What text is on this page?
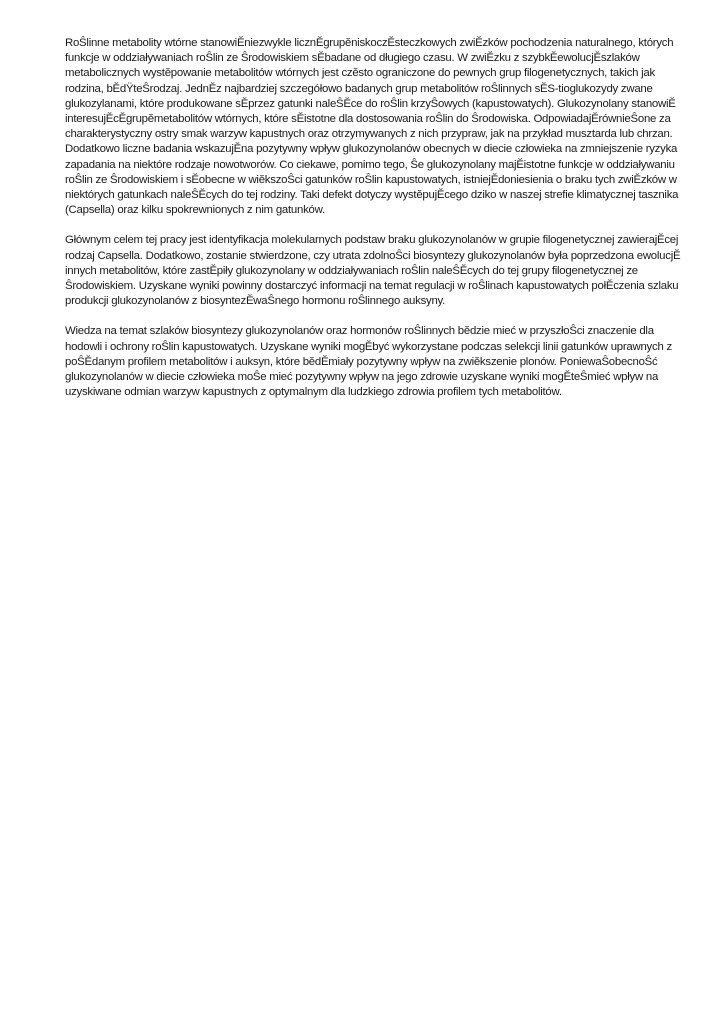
RoŜlinne metabolity wtórne stanowiĔniezwykle licznĔgrupĕniskoczĔsteczkowych zwiĔzków pochodzenia naturalnego, których
funkcje w oddziaływaniach roŜlin ze Ŝrodowiskiem sĔbadane od długiego czasu. W zwiĔzku z szybkĔewolucjĔszlaków
metabolicznych wystĕpowanie metabolitów wtórnych jest czĕsto ograniczone do pewnych grup filogenetycznych, takich jak
rodzina, bĔdŸteŜrodzaj. JednĔz najbardziej szczegółowo badanych grup metabolitów roŜlinnych sĔS-tioglukozydy zwane
glukozylanami, które produkowane sĔprzez gatunki naleŜĔce do roŜlin krzyŜowych (kapustowatych). Glukozynolany stanowiĔ
interesujĔcĔgrupĕmetabolitów wtórnych, które sĔistotne dla dostosowania roŜlin do Ŝrodowiska. OdpowiadajĔrównieŜone za
charakterystyczny ostry smak warzyw kapustnych oraz otrzymywanych z nich przypraw, jak na przykład musztarda lub chrzan.
Dodatkowo liczne badania wskazujĔna pozytywny wpływ glukozynolanów obecnych w diecie człowieka na zmniejszenie ryzyka
zapadania na niektóre rodzaje nowotworów. Co ciekawe, pomimo tego, Ŝe glukozynolany majĔistotne funkcje w oddziaływaniu
roŜlin ze Ŝrodowiskiem i sĔobecne w wiĕkszoŜci gatunków roŜlin kapustowatych, istniejĔdoniesienia o braku tych zwiĔzków w
niektórych gatunkach naleŜĔcych do tej rodziny. Taki defekt dotyczy wystĕpujĔcego dziko w naszej strefie klimatycznej tasznika
(Capsella) oraz kilku spokrewnionych z nim gatunków.

Głównym celem tej pracy jest identyfikacja molekularnych podstaw braku glukozynolanów w grupie filogenetycznej zawierajĔcej
rodzaj Capsella. Dodatkowo, zostanie stwierdzone, czy utrata zdolnoŜci biosyntezy glukozynolanów była poprzedzona ewolucjĔ
innych metabolitów, które zastĔpiły glukozynolany w oddziaływaniach roŜlin naleŜĔcych do tej grupy filogenetycznej ze
Ŝrodowiskiem. Uzyskane wyniki powinny dostarczyć informacji na temat regulacji w roŜlinach kapustowatych połĔczenia szlaku
produkcji glukozynolanów z biosyntezĔwaŜnego hormonu roŜlinnego auksyny.

Wiedza na temat szlaków biosyntezy glukozynolanów oraz hormonów roŜlinnych bĕdzie mieć w przyszłoŜci znaczenie dla
hodowli i ochrony roŜlin kapustowatych. Uzyskane wyniki mogĔbyć wykorzystane podczas selekcji linii gatunków uprawnych z
poŜĔdanym profilem metabolitów i auksyn, które bĕdĔmiały pozytywny wpływ na zwiĕkszenie plonów. PoniewaŜobecnoŜć
glukozynolanów w diecie człowieka moŜe mieć pozytywny wpływ na jego zdrowie uzyskane wyniki mogĔteŜmieć wpływ na
uzyskiwane odmian warzyw kapustnych z optymalnym dla ludzkiego zdrowia profilem tych metabolitów.
